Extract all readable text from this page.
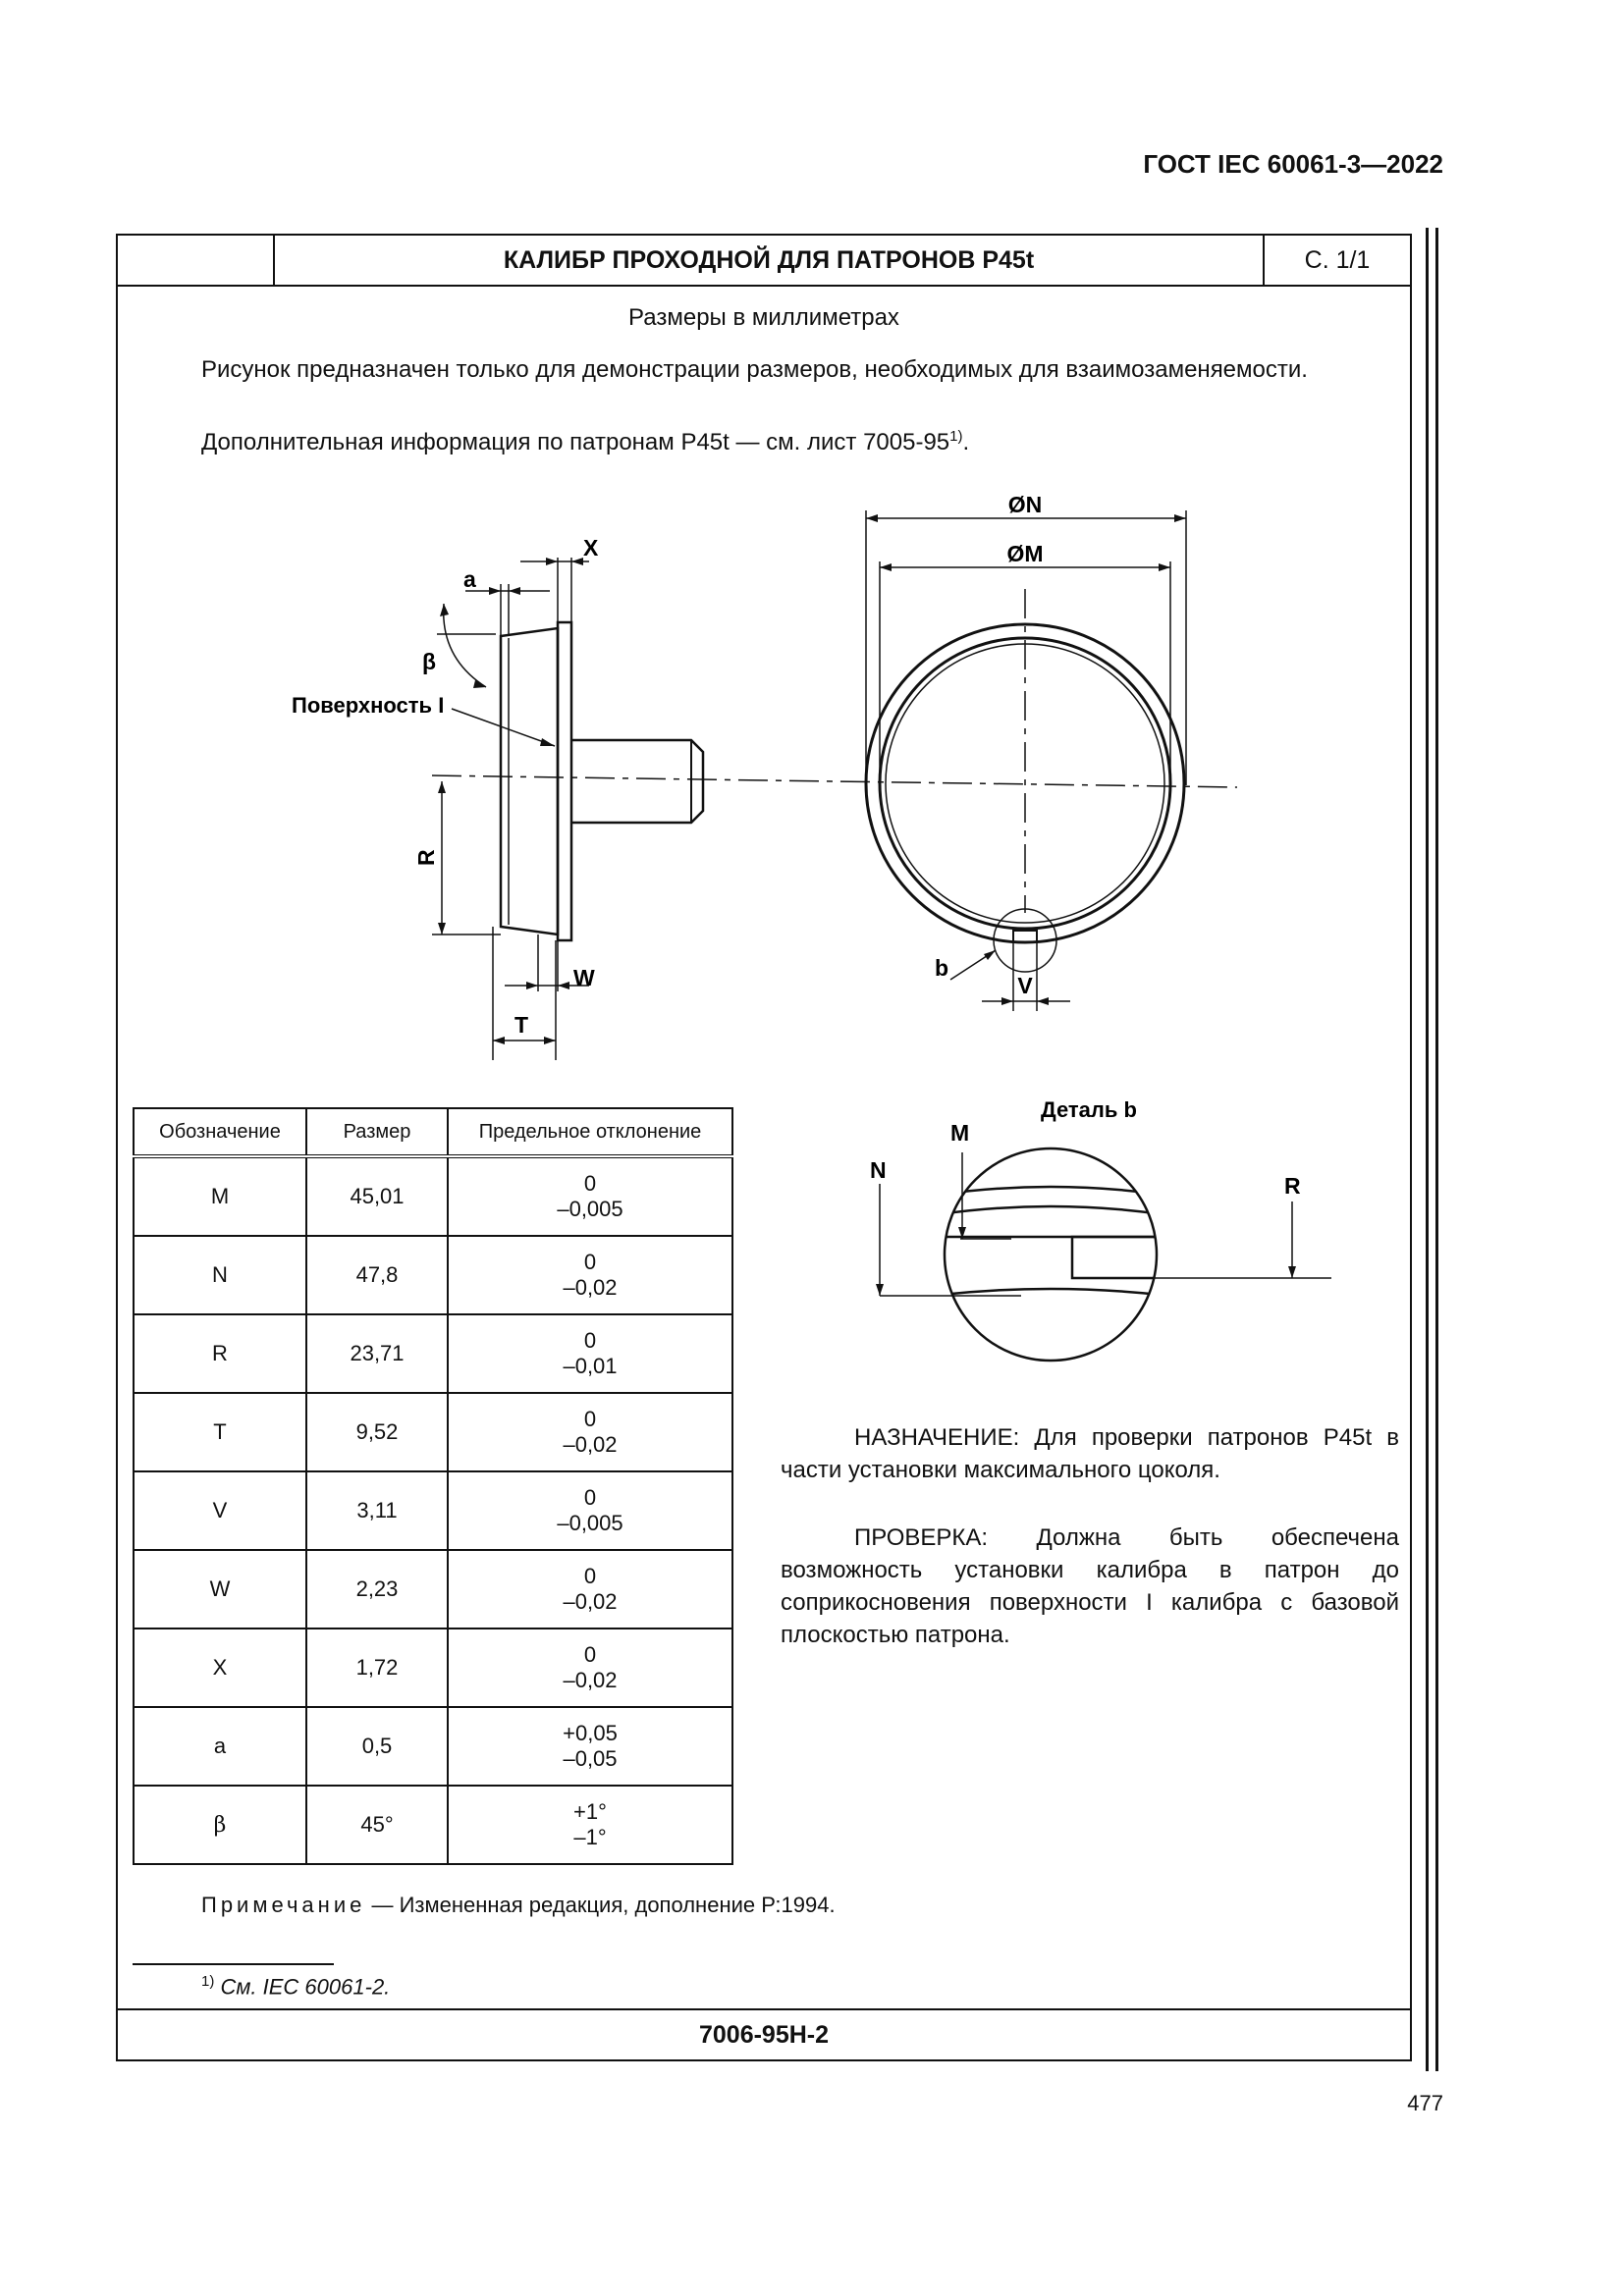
ГОСТ IEC 60061-3—2022
КАЛИБР ПРОХОДНОЙ ДЛЯ ПАТРОНОВ P45t	С. 1/1
Размеры в миллиметрах
Рисунок предназначен только для демонстрации размеров, необходимых для взаимозаменяемости.
Дополнительная информация по патронам P45t — см. лист 7005-95$^{1)}$.
a
X
β
Поверхность I
R
W
T
ØN
ØM
b
V
Деталь b
M
N
R
Обозначение	Размер	Предельное отклонение
M	45,01	0
–0,005

N	47,8	0
–0,02

R	23,71	0
–0,01

T	9,52	0
–0,02

V	3,11	0
–0,005

W	2,23	0
–0,02

X	1,72	0
–0,02

a	0,5	+0,05
–0,05

β	45°	+1°
–1°
НАЗНАЧЕНИЕ: Для проверки патронов P45t в части установки максимального цоколя.
ПРОВЕРКА: Должна быть обеспечена возможность установки калибра в патрон до соприкосновения поверхности I калибра с базовой плоскостью патрона.
Примечание — Измененная редакция, дополнение Р:1994.
$^{1)}$ См. IEC 60061-2.
7006-95H-2
477
